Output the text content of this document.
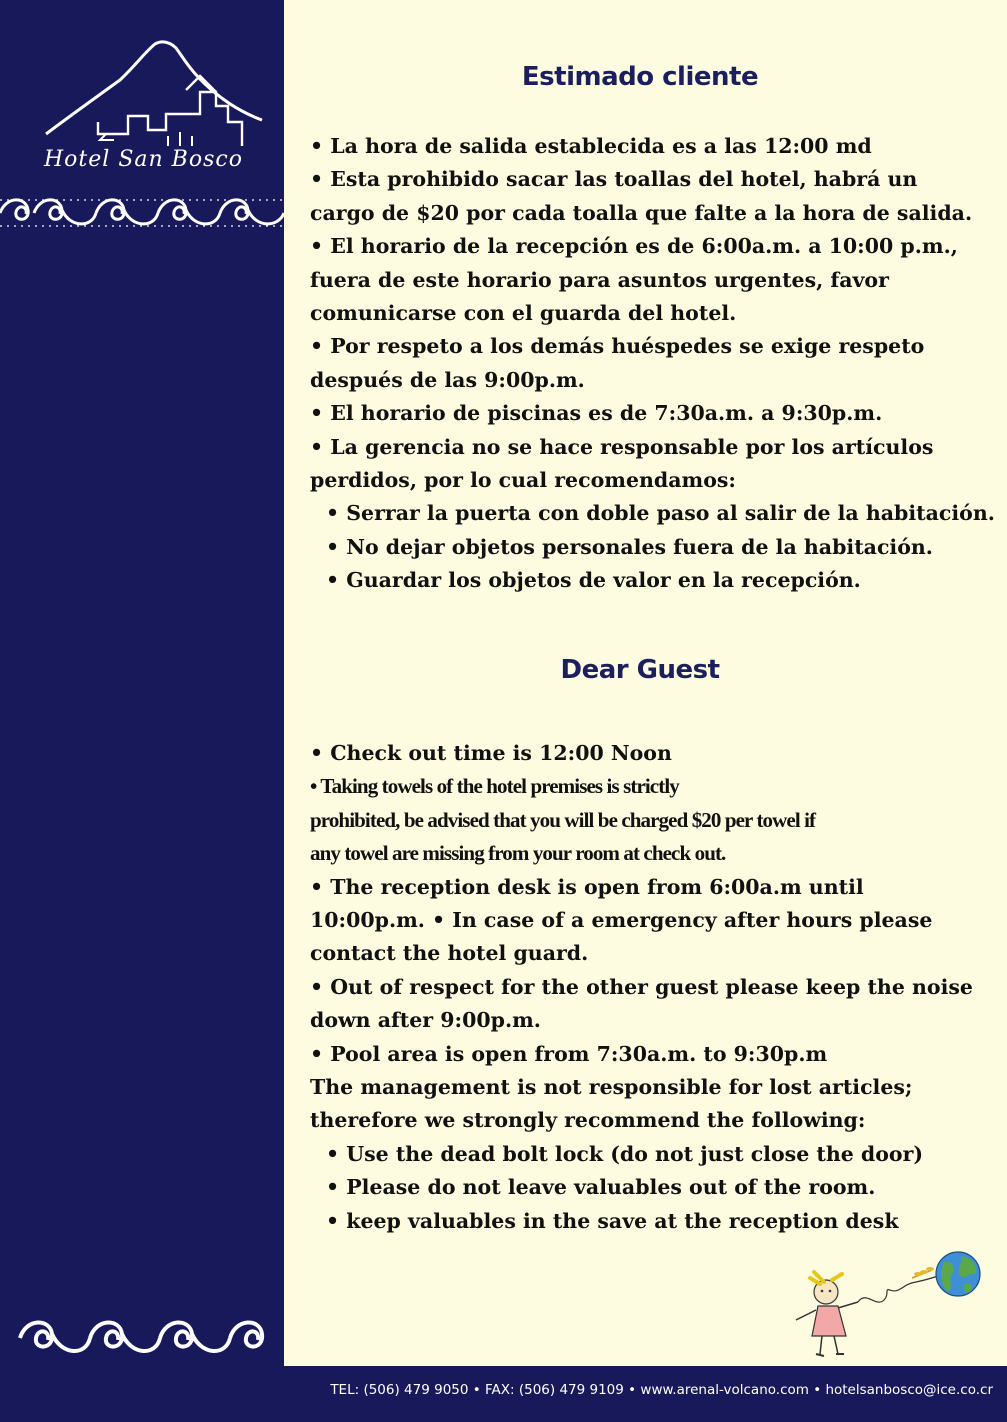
Hotel San Bosco
Estimado cliente

• La hora de salida establecida es a las 12:00 md

• Esta prohibido sacar las toallas del hotel, habrá un

cargo de $20 por cada toalla que falte a la hora de salida.

• El horario de la recepción es de 6:00a.m. a 10:00 p.m.,

fuera de este horario para asuntos urgentes, favor

comunicarse con el guarda del hotel.

• Por respeto a los demás huéspedes se exige respeto

después de las 9:00p.m.

• El horario de piscinas es de 7:30a.m. a 9:30p.m.

• La gerencia no se hace responsable por los artículos

perdidos, por lo cual recomendamos:

• Serrar la puerta con doble paso al salir de la habitación.

• No dejar objetos personales fuera de la habitación.

• Guardar los objetos de valor en la recepción.

Dear Guest

• Check out time is 12:00 Noon

• Taking towels of the hotel premises is strictly

prohibited, be advised that you will be charged $20 per towel if

any towel are missing from your room at check out.

• The reception desk is open from 6:00a.m until

10:00p.m. • In case of a emergency after hours please

contact the hotel guard.

• Out of respect for the other guest please keep the noise

down after 9:00p.m.

• Pool area is open from 7:30a.m. to 9:30p.m

The management is not responsible for lost articles;

therefore we strongly recommend the following:

• Use the dead bolt lock (do not just close the door)

• Please do not leave valuables out of the room.

• keep valuables in the save at the reception desk

TEL: (506) 479 9050 • FAX: (506) 479 9109 • www.arenal-volcano.com • hotelsanbosco@ice.co.cr
